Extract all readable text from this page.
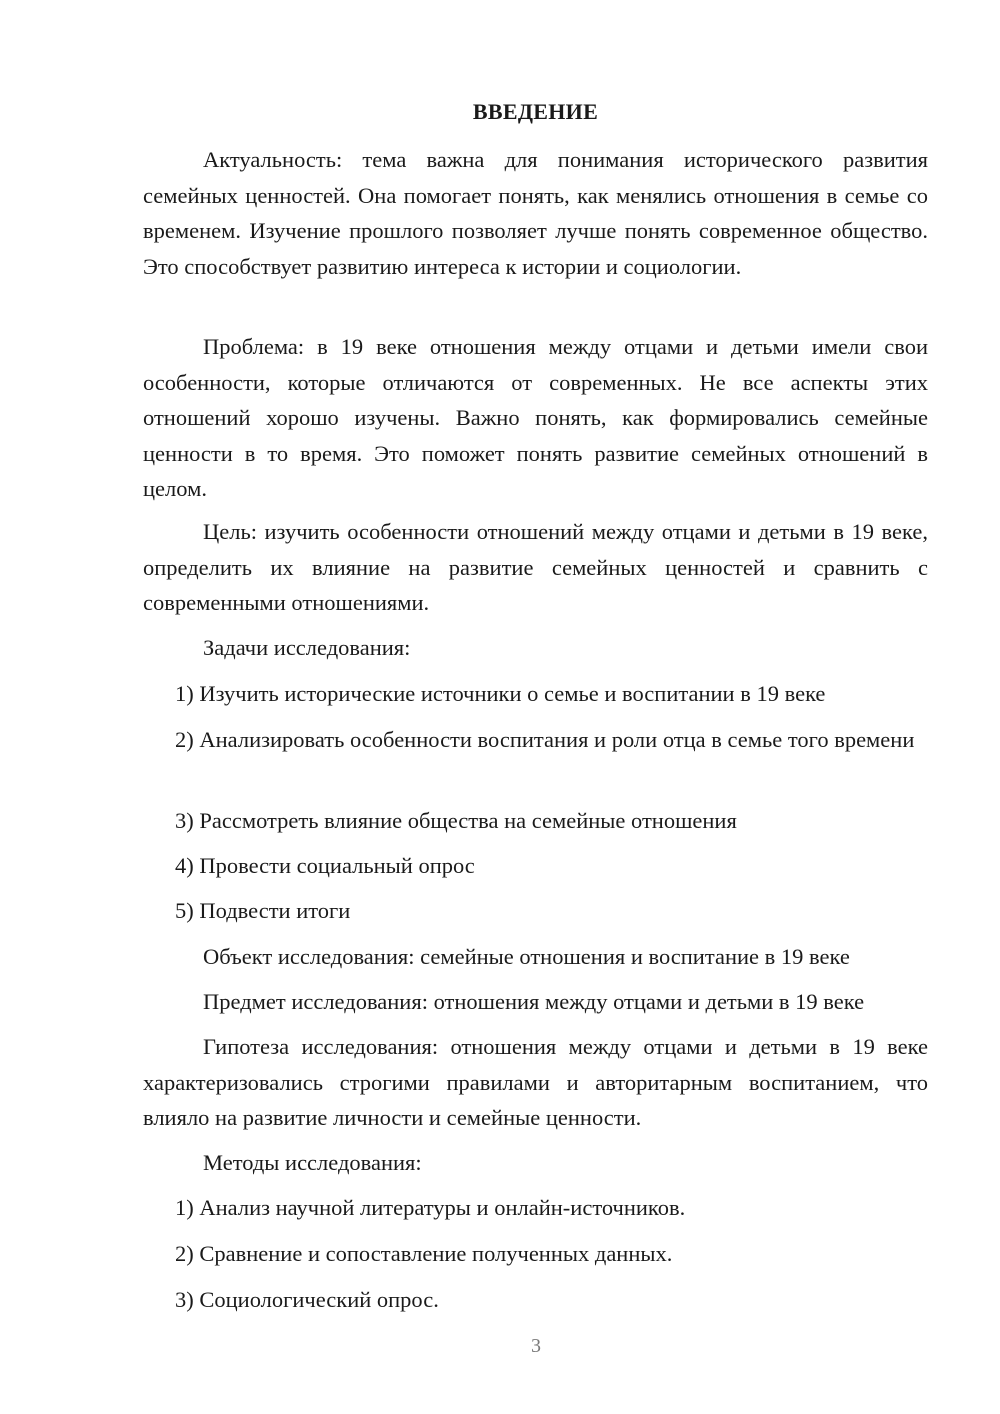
ВВЕДЕНИЕ

Актуальность: тема важна для понимания исторического развития семейных ценностей. Она помогает понять, как менялись отношения в семье со временем. Изучение прошлого позволяет лучше понять современное общество. Это способствует развитию интереса к истории и социологии.

Проблема: в 19 веке отношения между отцами и детьми имели свои особенности, которые отличаются от современных. Не все аспекты этих отношений хорошо изучены. Важно понять, как формировались семейные ценности в то время. Это поможет понять развитие семейных отношений в целом.

Цель: изучить особенности отношений между отцами и детьми в 19 веке, определить их влияние на развитие семейных ценностей и сравнить с современными отношениями.

Задачи исследования:

1) Изучить исторические источники о семье и воспитании в 19 веке

2) Анализировать особенности воспитания и роли отца в семье того времени

3) Рассмотреть влияние общества на семейные отношения

4) Провести социальный опрос

5) Подвести итоги

Объект исследования: семейные отношения и воспитание в 19 веке

Предмет исследования: отношения между отцами и детьми в 19 веке

Гипотеза исследования: отношения между отцами и детьми в 19 веке характеризовались строгими правилами и авторитарным воспитанием, что влияло на развитие личности и семейные ценности.

Методы исследования:

1) Анализ научной литературы и онлайн-источников.

2) Сравнение и сопоставление полученных данных.

3) Социологический опрос.

3
